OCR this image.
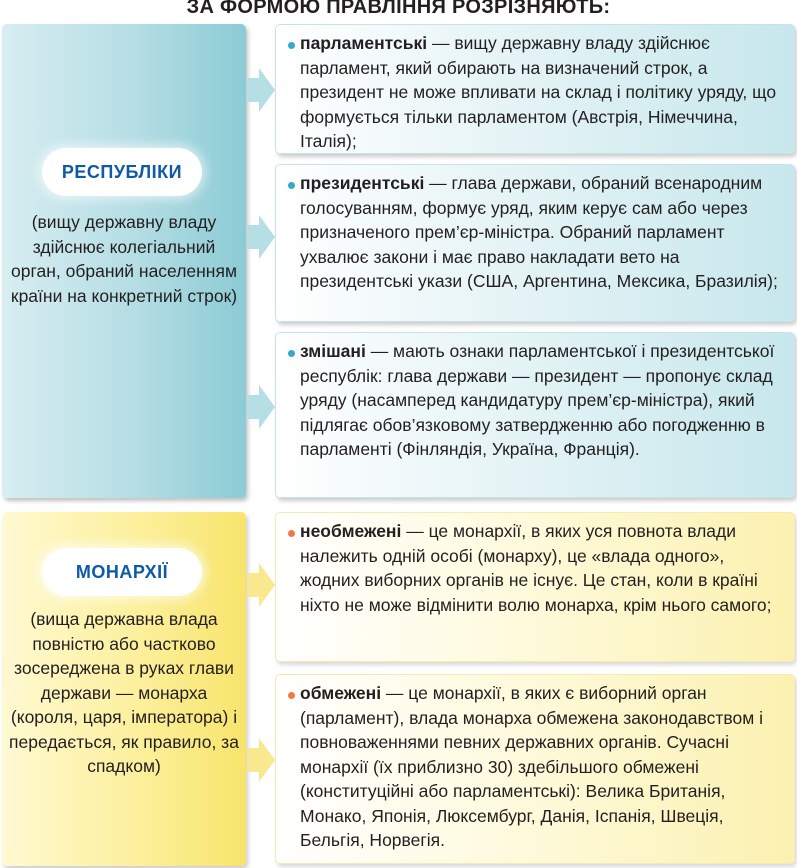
ЗА ФОРМОЮ ПРАВЛІННЯ РОЗРІЗНЯЮТЬ:
РЕСПУБЛІКИ
(вищу державну владу здійснює колегіальний орган, обраний населенням країни на конкретний строк)
МОНАРХІЇ
(вища державна влада повністю або частково зосереджена в руках глави держави — монарха (короля, царя, імператора) і передається, як правило, за спадком)

парламентські — вищу державну владу здійснює парламент, який обирають на визначений строк, а президент не може впливати на склад і політику уряду, що формується тільки парламентом (Австрія, Німеччина, Італія);

президентські — глава держави, обраний всенародним голосуванням, формує уряд, яким керує сам або через призначеного прем’єр-міністра. Обраний парламент ухвалює закони і має право накладати вето на президентські укази (США, Аргентина, Мексика, Бразилія);

змішані — мають ознаки парламентської і президентської республік: глава держави — президент — пропонує склад уряду (насамперед кандидатуру прем’єр-міністра), який підлягає обов’язковому затвердженню або погодженню в парламенті (Фінляндія, Україна, Франція).

необмежені — це монархії, в яких уся повнота влади належить одній особі (монарху), це «влада одного», жодних виборних органів не існує. Це стан, коли в країні ніхто не може відмінити волю монарха, крім нього самого;

обмежені — це монархії, в яких є виборний орган (парламент), влада монарха обмежена законодавством і повноваженнями певних державних органів. Сучасні монархії (їх приблизно 30) здебільшого обмежені (конституційні або парламентські): Велика Британія, Монако, Японія, Люксембург, Данія, Іспанія, Швеція, Бельгія, Норвегія.
